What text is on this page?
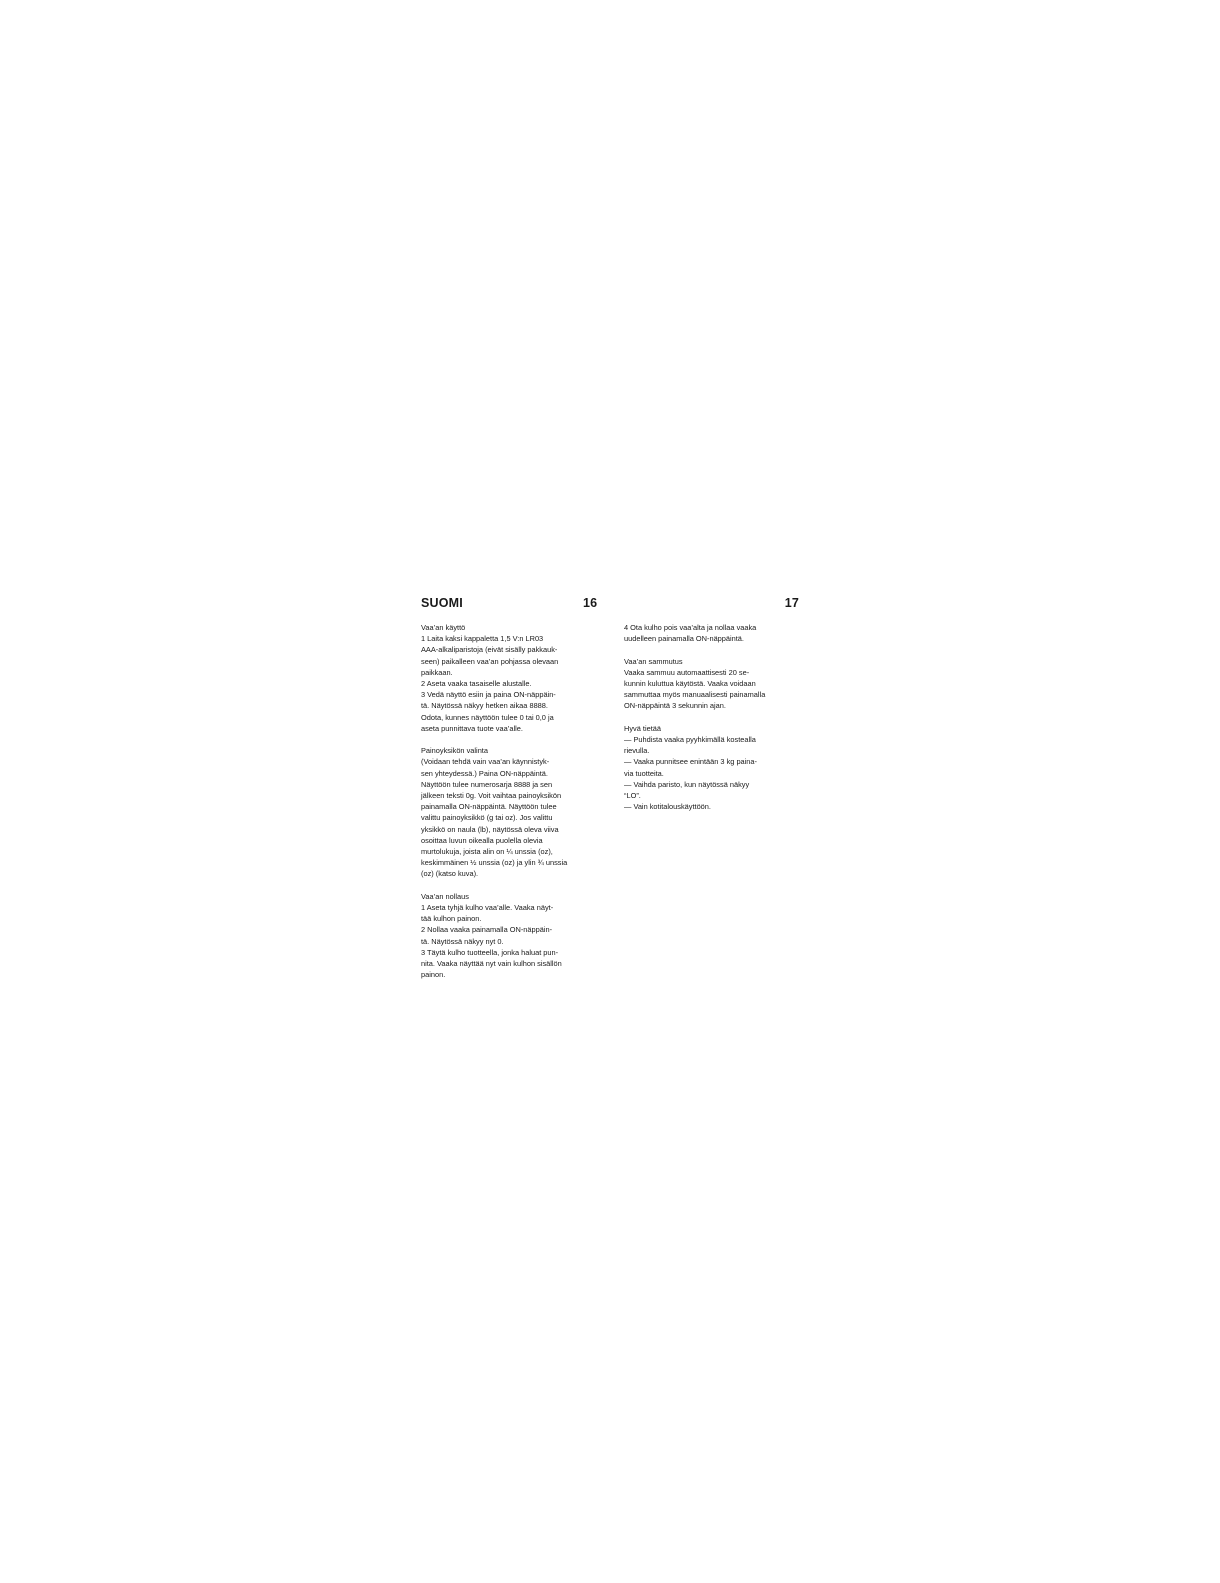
SUOMI	16	17
Vaa’an käyttö
1 Laita kaksi kappaletta 1,5 V:n LR03
AAA-alkaliparistoja (eivät sisälly pakkauk-
seen) paikalleen vaa’an pohjassa olevaan
paikkaan.
2 Aseta vaaka tasaiselle alustalle.
3 Vedä näyttö esiin ja paina ON-näppäin-
tä. Näytössä näkyy hetken aikaa 8888.
Odota, kunnes näyttöön tulee 0 tai 0,0 ja
aseta punnittava tuote vaa’alle.
Painoyksikön valinta
(Voidaan tehdä vain vaa’an käynnistyk-
sen yhteydessä.) Paina ON-näppäintä.
Näyttöön tulee numerosarja 8888 ja sen
jälkeen teksti 0g. Voit vaihtaa painoyksikön
painamalla ON-näppäintä. Näyttöön tulee
valittu painoyksikkö (g tai oz). Jos valittu
yksikkö on naula (lb), näytössä oleva viiva
osoittaa luvun oikealla puolella olevia
murtolukuja, joista alin on ¼ unssia (oz),
keskimmäinen ½ unssia (oz) ja ylin ¾ unssia
(oz) (katso kuva).
Vaa’an nollaus
1 Aseta tyhjä kulho vaa’alle. Vaaka näyt-
tää kulhon painon.
2 Nollaa vaaka painamalla ON-näppäin-
tä. Näytössä näkyy nyt 0.
3 Täytä kulho tuotteella, jonka haluat pun-
nita. Vaaka näyttää nyt vain kulhon sisällön
painon.
4 Ota kulho pois vaa’alta ja nollaa vaaka
uudelleen painamalla ON-näppäintä.
Vaa’an sammutus
Vaaka sammuu automaattisesti 20 se-
kunnin kuluttua käytöstä. Vaaka voidaan
sammuttaa myös manuaalisesti painamalla
ON-näppäintä 3 sekunnin ajan.
Hyvä tietää
— Puhdista vaaka pyyhkimällä kostealla
rievulla.
— Vaaka punnitsee enintään 3 kg paina-
via tuotteita.
— Vaihda paristo, kun näytössä näkyy
“LO”.
— Vain kotitalouskäyttöön.
